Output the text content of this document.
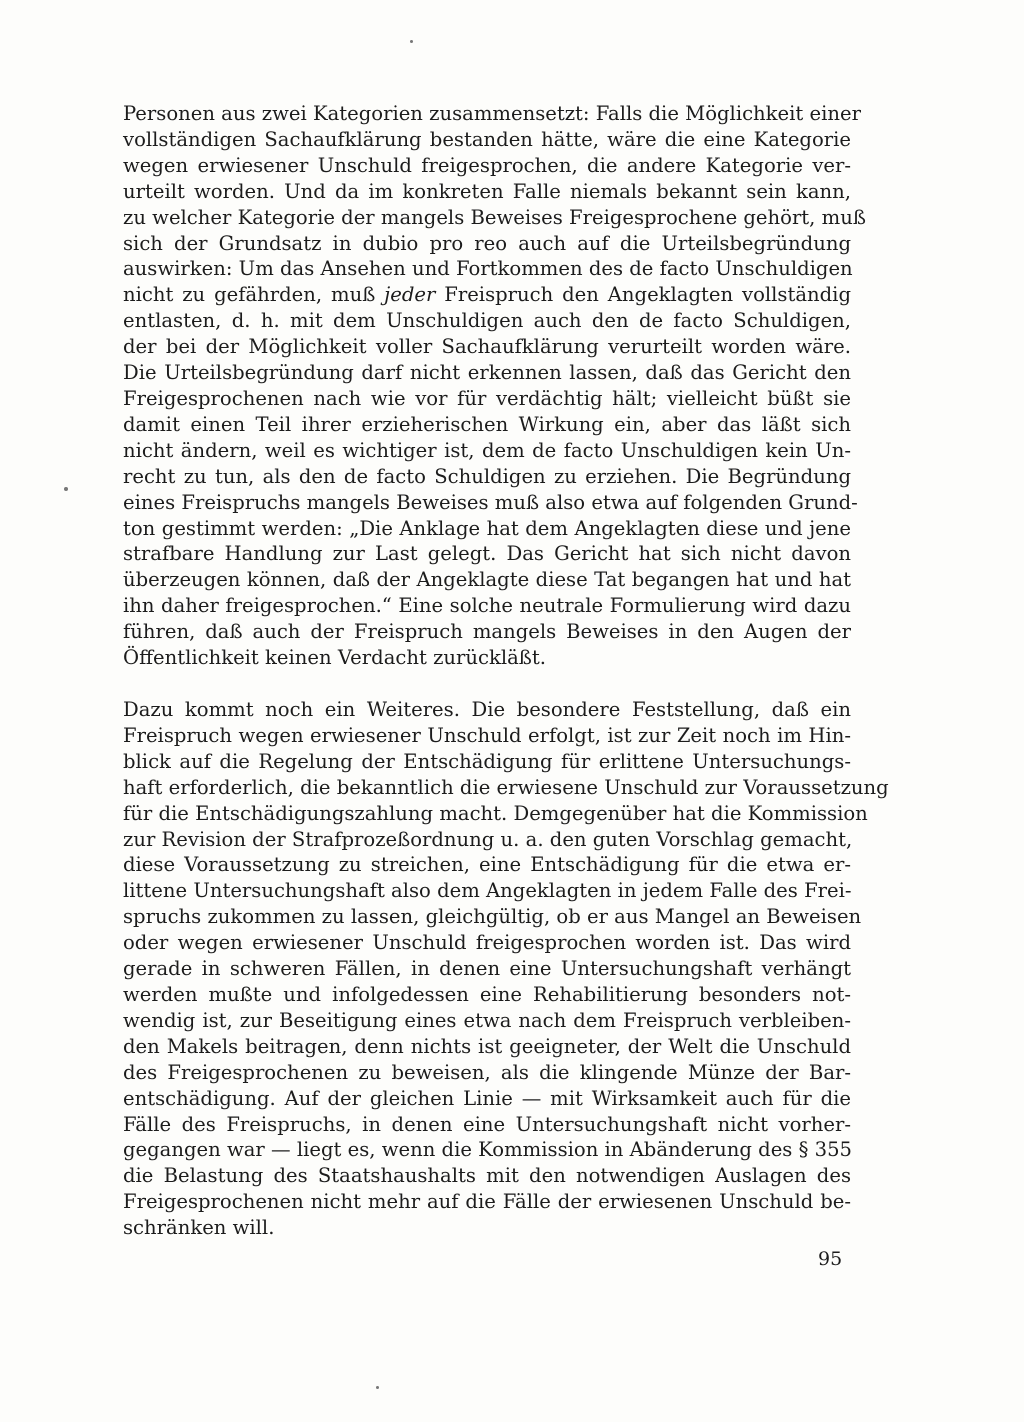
Personen aus zwei Kategorien zusammensetzt: Falls die Möglichkeit einer
vollständigen Sachaufklärung bestanden hätte, wäre die eine Kategorie
wegen erwiesener Unschuld freigesprochen, die andere Kategorie ver-
urteilt worden. Und da im konkreten Falle niemals bekannt sein kann,
zu welcher Kategorie der mangels Beweises Freigesprochene gehört, muß
sich der Grundsatz in dubio pro reo auch auf die Urteilsbegründung
auswirken: Um das Ansehen und Fortkommen des de facto Unschuldigen
nicht zu gefährden, muß jeder Freispruch den Angeklagten vollständig
entlasten, d. h. mit dem Unschuldigen auch den de facto Schuldigen,
der bei der Möglichkeit voller Sachaufklärung verurteilt worden wäre.
Die Urteilsbegründung darf nicht erkennen lassen, daß das Gericht den
Freigesprochenen nach wie vor für verdächtig hält; vielleicht büßt sie
damit einen Teil ihrer erzieherischen Wirkung ein, aber das läßt sich
nicht ändern, weil es wichtiger ist, dem de facto Unschuldigen kein Un-
recht zu tun, als den de facto Schuldigen zu erziehen. Die Begründung
eines Freispruchs mangels Beweises muß also etwa auf folgenden Grund-
ton gestimmt werden: „Die Anklage hat dem Angeklagten diese und jene
strafbare Handlung zur Last gelegt. Das Gericht hat sich nicht davon
überzeugen können, daß der Angeklagte diese Tat begangen hat und hat
ihn daher freigesprochen.“ Eine solche neutrale Formulierung wird dazu
führen, daß auch der Freispruch mangels Beweises in den Augen der
Öffentlichkeit keinen Verdacht zurückläßt.
Dazu kommt noch ein Weiteres. Die besondere Feststellung, daß ein
Freispruch wegen erwiesener Unschuld erfolgt, ist zur Zeit noch im Hin-
blick auf die Regelung der Entschädigung für erlittene Untersuchungs-
haft erforderlich, die bekanntlich die erwiesene Unschuld zur Voraussetzung
für die Entschädigungszahlung macht. Demgegenüber hat die Kommission
zur Revision der Strafprozeßordnung u. a. den guten Vorschlag gemacht,
diese Voraussetzung zu streichen, eine Entschädigung für die etwa er-
littene Untersuchungshaft also dem Angeklagten in jedem Falle des Frei-
spruchs zukommen zu lassen, gleichgültig, ob er aus Mangel an Beweisen
oder wegen erwiesener Unschuld freigesprochen worden ist. Das wird
gerade in schweren Fällen, in denen eine Untersuchungshaft verhängt
werden mußte und infolgedessen eine Rehabilitierung besonders not-
wendig ist, zur Beseitigung eines etwa nach dem Freispruch verbleiben-
den Makels beitragen, denn nichts ist geeigneter, der Welt die Unschuld
des Freigesprochenen zu beweisen, als die klingende Münze der Bar-
entschädigung. Auf der gleichen Linie — mit Wirksamkeit auch für die
Fälle des Freispruchs, in denen eine Untersuchungshaft nicht vorher-
gegangen war — liegt es, wenn die Kommission in Abänderung des § 355
die Belastung des Staatshaushalts mit den notwendigen Auslagen des
Freigesprochenen nicht mehr auf die Fälle der erwiesenen Unschuld be-
schränken will.
95
